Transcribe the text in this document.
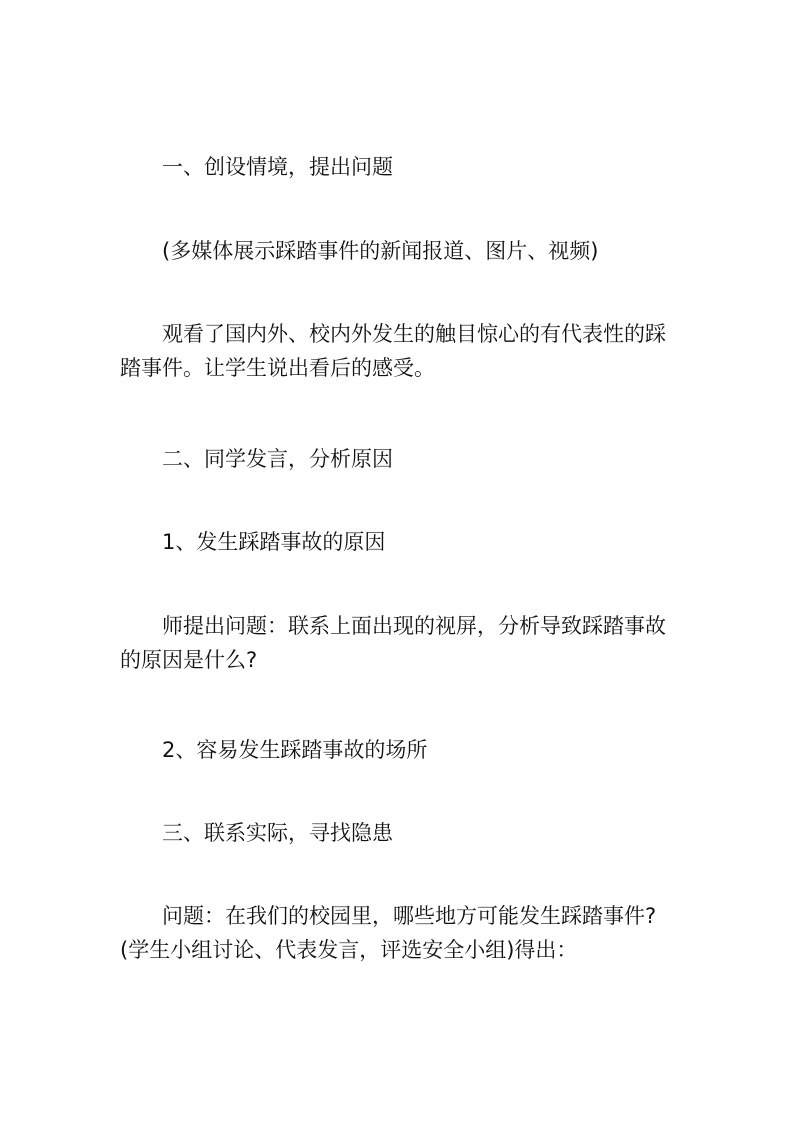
一、创设情境，提出问题

(多媒体展示踩踏事件的新闻报道、图片、视频)

观看了国内外、校内外发生的触目惊心的有代表性的踩踏事件。让学生说出看后的感受。

二、同学发言，分析原因

1、发生踩踏事故的原因

师提出问题：联系上面出现的视屏，分析导致踩踏事故的原因是什么?

2、容易发生踩踏事故的场所

三、联系实际，寻找隐患

问题：在我们的校园里，哪些地方可能发生踩踏事件?(学生小组讨论、代表发言，评选安全小组)得出：
